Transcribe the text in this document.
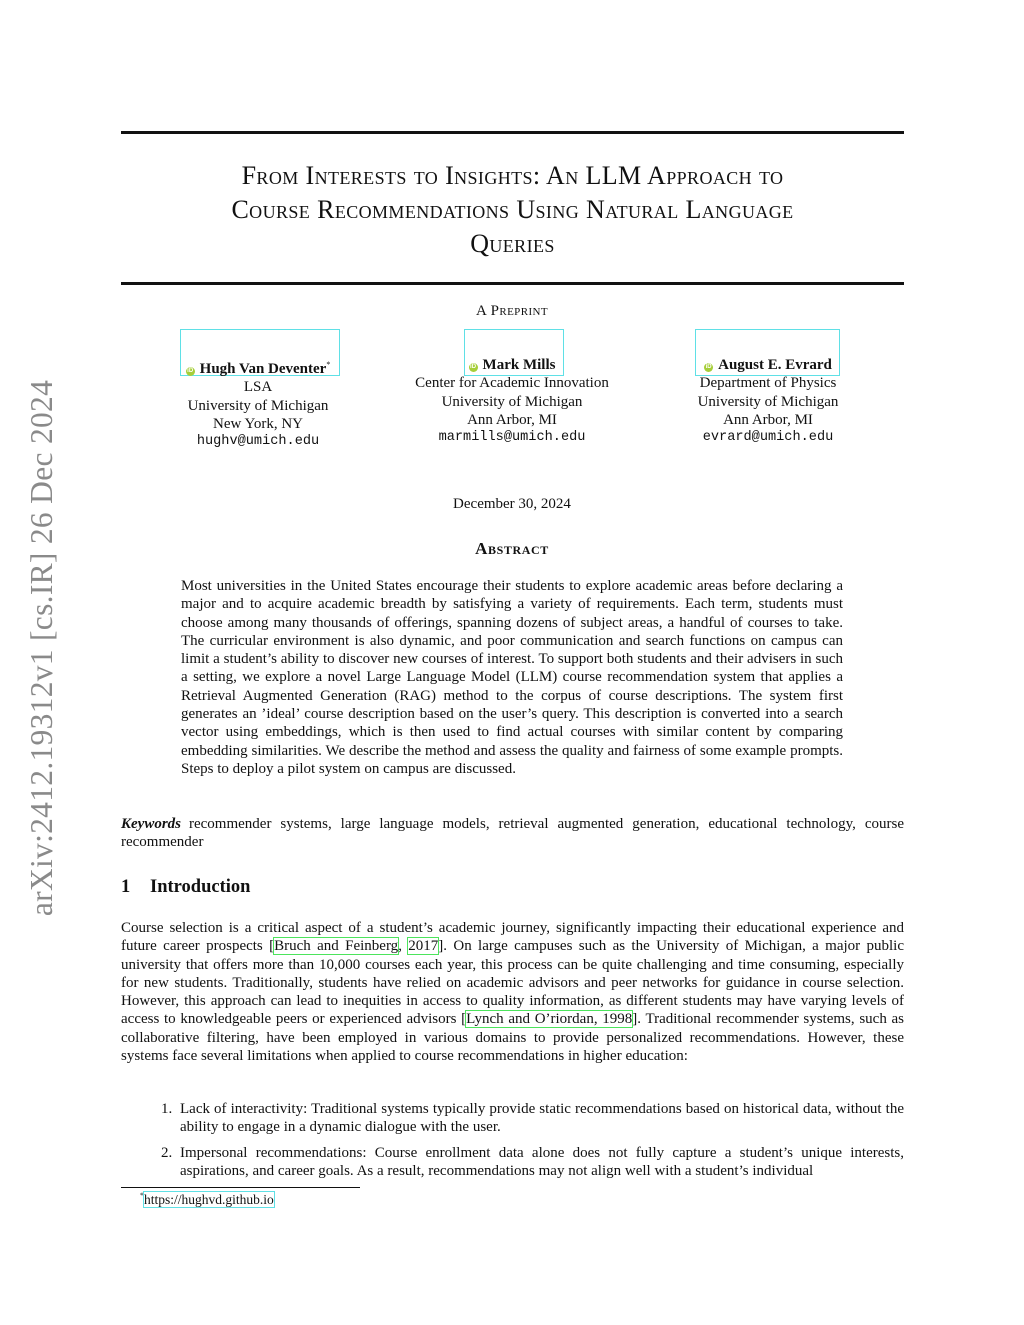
arXiv:2412.19312v1 [cs.IR] 26 Dec 2024
From Interests to Insights: An LLM Approach to
Course Recommendations Using Natural Language
Queries
A Preprint
iD Hugh Van Deventer*
LSA
University of Michigan
New York, NY
hughv@umich.edu
iD Mark Mills
Center for Academic Innovation
University of Michigan
Ann Arbor, MI
marmills@umich.edu
iD August E. Evrard
Department of Physics
University of Michigan
Ann Arbor, MI
evrard@umich.edu
December 30, 2024
Abstract
Most universities in the United States encourage their students to explore academic areas before declaring a major and to acquire academic breadth by satisfying a variety of requirements. Each term, students must choose among many thousands of offerings, spanning dozens of subject areas, a handful of courses to take. The curricular environment is also dynamic, and poor communication and search functions on campus can limit a student’s ability to discover new courses of interest. To support both students and their advisers in such a setting, we explore a novel Large Language Model (LLM) course recommendation system that applies a Retrieval Augmented Generation (RAG) method to the corpus of course descriptions. The system first generates an ’ideal’ course description based on the user’s query. This description is converted into a search vector using embeddings, which is then used to find actual courses with similar content by comparing embedding similarities. We describe the method and assess the quality and fairness of some example prompts. Steps to deploy a pilot system on campus are discussed.
Keywords recommender systems, large language models, retrieval augmented generation, educational technology, course recommender
1 Introduction

Course selection is a critical aspect of a student’s academic journey, significantly impacting their educational experience and future career prospects [Bruch and Feinberg, 2017]. On large campuses such as the University of Michigan, a major public university that offers more than 10,000 courses each year, this process can be quite challenging and time consuming, especially for new students. Traditionally, students have relied on academic advisors and peer networks for guidance in course selection. However, this approach can lead to inequities in access to quality information, as different students may have varying levels of access to knowledgeable peers or experienced advisors [Lynch and O’riordan, 1998]. Traditional recommender systems, such as collaborative filtering, have been employed in various domains to provide personalized recommendations. However, these systems face several limitations when applied to course recommendations in higher education:

1. Lack of interactivity: Traditional systems typically provide static recommendations based on historical data, without the ability to engage in a dynamic dialogue with the user.
2. Impersonal recommendations: Course enrollment data alone does not fully capture a student’s unique interests, aspirations, and career goals. As a result, recommendations may not align well with a student’s individual
*https://hughvd.github.io
